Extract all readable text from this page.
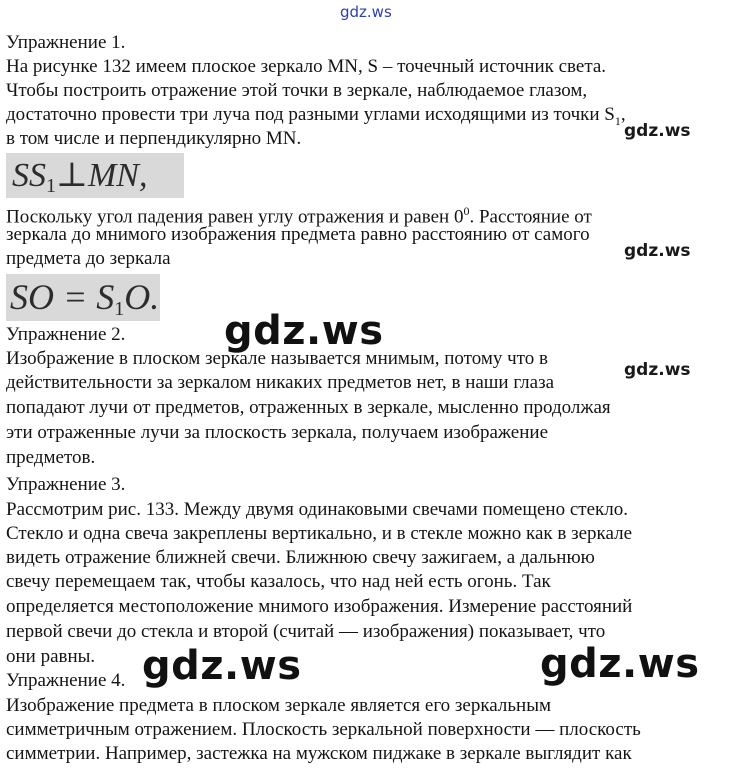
gdz.ws
Упражнение 1.
На рисунке 132 имеем плоское зеркало MN, S – точечный источник света.
Чтобы построить отражение этой точки в зеркале, наблюдаемое глазом,
достаточно провести три луча под разными углами исходящими из точки $S_1$,
в том числе и перпендикулярно MN.	gdz.ws
SS1⊥MN,
Поскольку угол падения равен углу отражения и равен $0^0$. Расстояние от
зеркала до мнимого изображения предмета равно расстоянию от самого
gdz.ws
предмета до зеркала
SO = S1O.
gdz.ws
Упражнение 2.
Изображение в плоском зеркале называется мнимым, потому что в
gdz.ws
действительности за зеркалом никаких предметов нет, в наши глаза
попадают лучи от предметов, отраженных в зеркале, мысленно продолжая
эти отраженные лучи за плоскость зеркала, получаем изображение
предметов.
Упражнение 3.
Рассмотрим рис. 133. Между двумя одинаковыми свечами помещено стекло.
Стекло и одна свеча закреплены вертикально, и в стекле можно как в зеркале
видеть отражение ближней свечи. Ближнюю свечу зажигаем, а дальнюю
свечу перемещаем так, чтобы казалось, что над ней есть огонь. Так
определяется местоположение мнимого изображения. Измерение расстояний
первой свечи до стекла и второй (считай — изображения) показывает, что
они равны.
Упражнение 4. gdz.ws	gdz.ws
Изображение предмета в плоском зеркале является его зеркальным
симметричным отражением. Плоскость зеркальной поверхности — плоскость
симметрии. Например, застежка на мужском пиджаке в зеркале выглядит как
